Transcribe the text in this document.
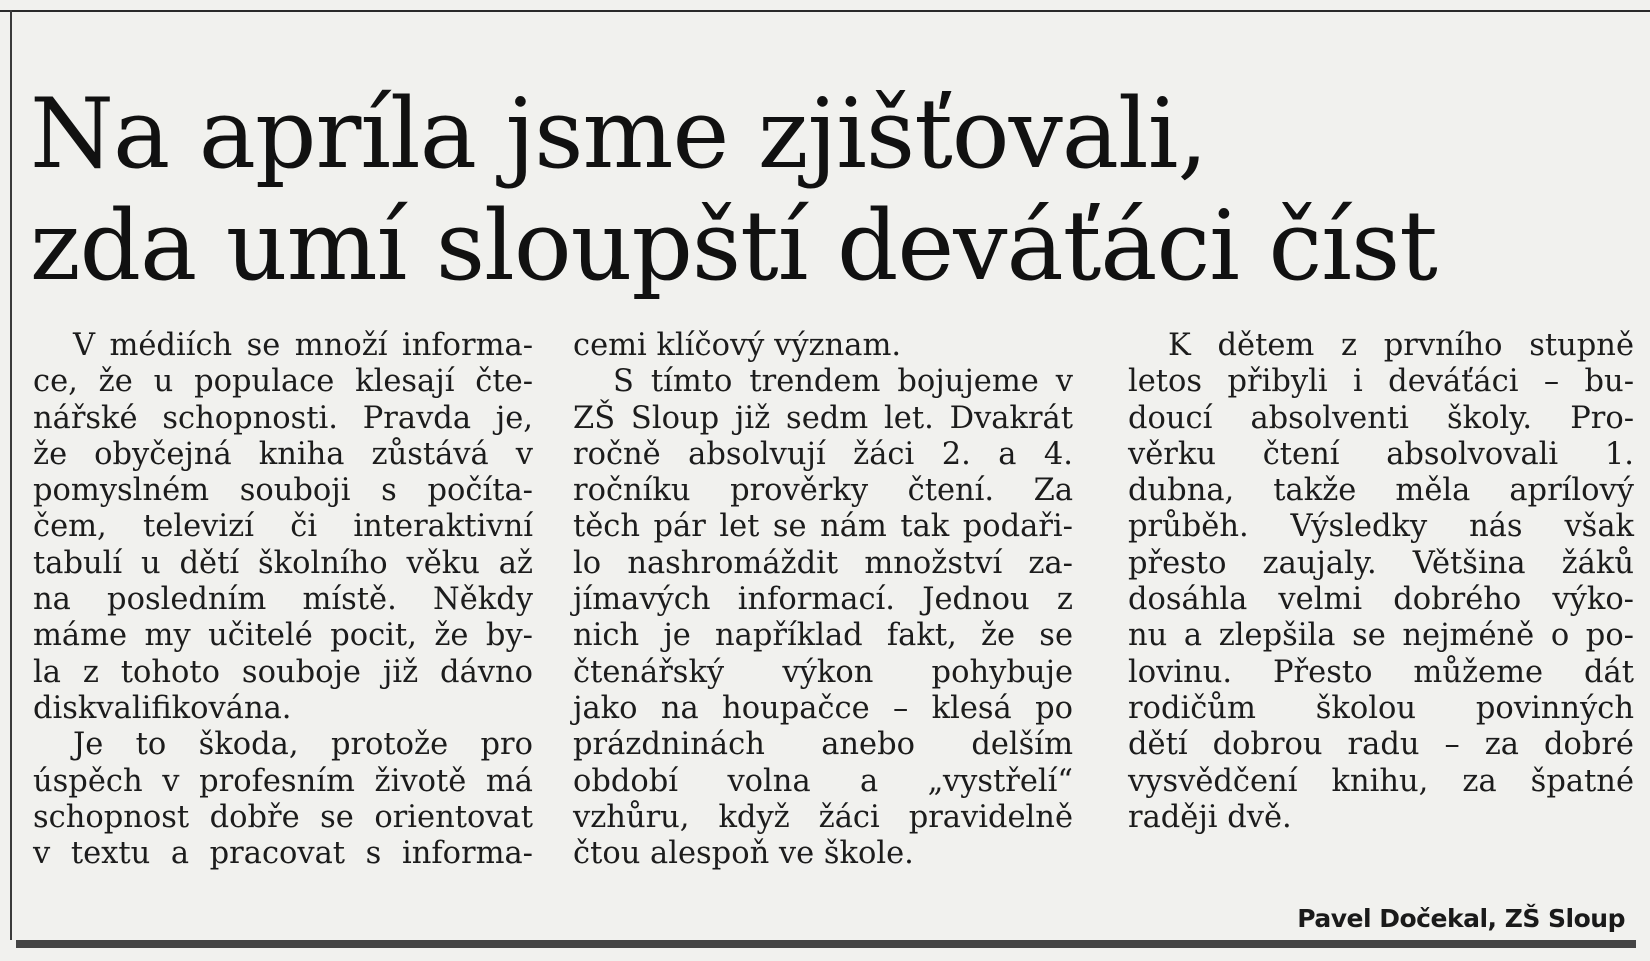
Na apríla jsme zjišťovali,
zda umí sloupští deváťáci číst

V médiích se množí informa-
ce, že u populace klesají čte-
nářské schopnosti. Pravda je,
že obyčejná kniha zůstává v
pomyslném souboji s počíta-
čem, televizí či interaktivní
tabulí u dětí školního věku až
na posledním místě. Někdy
máme my učitelé pocit, že by-
la z tohoto souboje již dávno
diskvalifikována.

Je to škoda, protože pro
úspěch v profesním životě má
schopnost dobře se orientovat
v textu a pracovat s informa-

cemi klíčový význam.

S tímto trendem bojujeme v
ZŠ Sloup již sedm let. Dvakrát
ročně absolvují žáci 2. a 4.
ročníku prověrky čtení. Za
těch pár let se nám tak podaři-
lo nashromáždit množství za-
jímavých informací. Jednou z
nich je například fakt, že se
čtenářský výkon pohybuje
jako na houpačce – klesá po
prázdninách anebo delším
období volna a „vystřelí“
vzhůru, když žáci pravidelně
čtou alespoň ve škole.

K dětem z prvního stupně
letos přibyli i deváťáci – bu-
doucí absolventi školy. Pro-
věrku čtení absolvovali 1.
dubna, takže měla aprílový
průběh. Výsledky nás však
přesto zaujaly. Většina žáků
dosáhla velmi dobrého výko-
nu a zlepšila se nejméně o po-
lovinu. Přesto můžeme dát
rodičům školou povinných
dětí dobrou radu – za dobré
vysvědčení knihu, za špatné
raději dvě.

Pavel Dočekal, ZŠ Sloup
